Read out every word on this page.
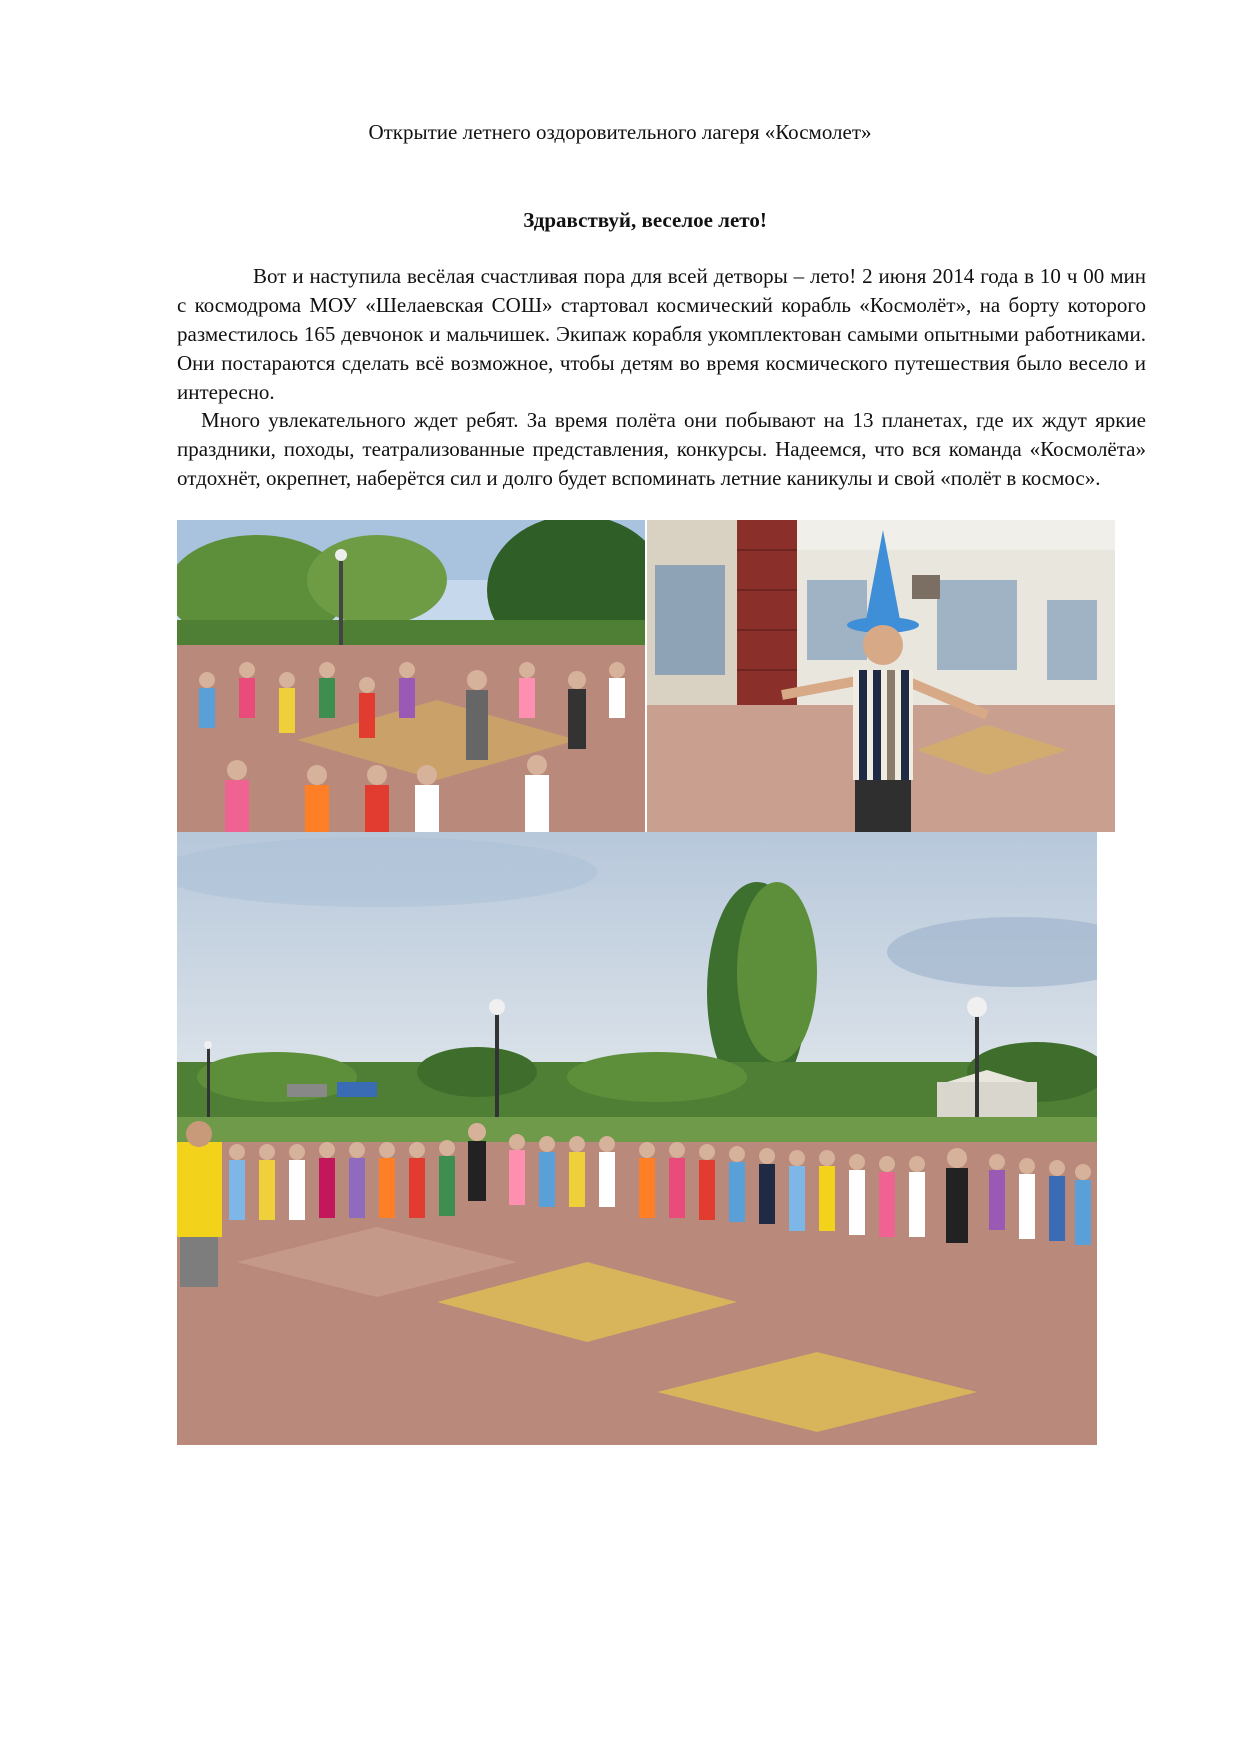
Открытие летнего оздоровительного лагеря «Космолет»
Здравствуй, веселое лето!

Вот и наступила весёлая счастливая пора для всей детворы – лето! 2 июня 2014 года в 10 ч 00 мин с космодрома МОУ «Шелаевская СОШ» стартовал космический корабль «Космолёт», на борту которого разместилось 165 девчонок и мальчишек. Экипаж корабля укомплектован самыми опытными работниками. Они постараются сделать всё возможное, чтобы детям во время космического путешествия было весело и интересно.

Много увлекательного ждет ребят. За время полёта они побывают на 13 планетах, где их ждут яркие праздники, походы, театрализованные представления, конкурсы. Надеемся, что вся команда «Космолёта» отдохнёт, окрепнет, наберётся сил и долго будет вспоминать летние каникулы и свой «полёт в космос».
